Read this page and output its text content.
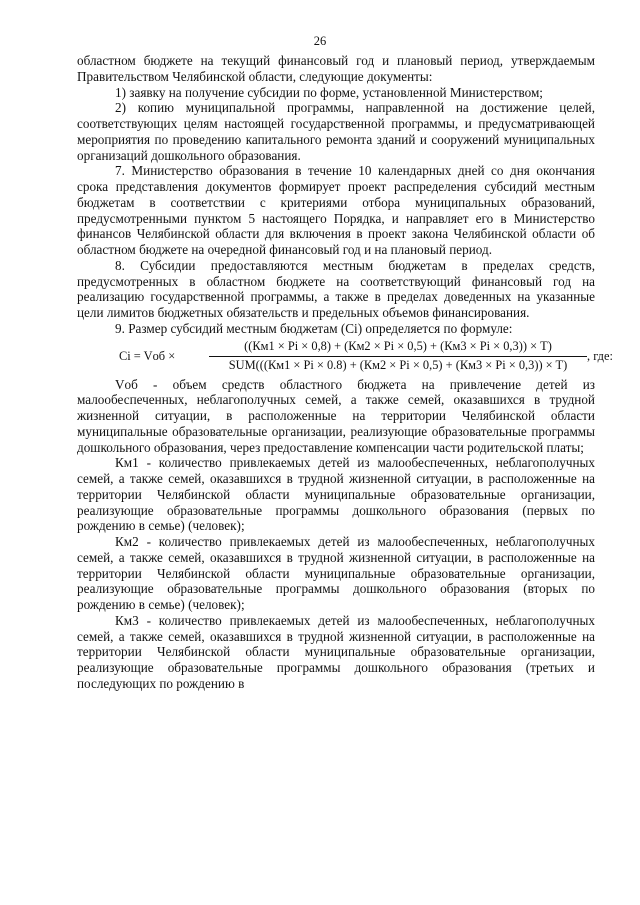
26

областном бюджете на текущий финансовый год и плановый период, утверждаемым Правительством Челябинской области, следующие документы:

1) заявку на получение субсидии по форме, установленной Министерством;

2) копию муниципальной программы, направленной на достижение целей, соответствующих целям настоящей государственной программы, и предусматривающей мероприятия по проведению капитального ремонта зданий и сооружений муниципальных организаций дошкольного образования.

7. Министерство образования в течение 10 календарных дней со дня окончания срока представления документов формирует проект распределения субсидий местным бюджетам в соответствии с критериями отбора муниципальных образований, предусмотренными пунктом 5 настоящего Порядка, и направляет его в Министерство финансов Челябинской области для включения в проект закона Челябинской области об областном бюджете на очередной финансовый год и на плановый период.

8. Субсидии предоставляются местным бюджетам в пределах средств, предусмотренных в областном бюджете на соответствующий финансовый год на реализацию государственной программы, а также в пределах доведенных на указанные цели лимитов бюджетных обязательств и предельных объемов финансирования.

9. Размер субсидий местным бюджетам (Ci) определяется по формуле:

Ci = Vоб ×
((Км1 × Pi × 0,8) + (Км2 × Pi × 0,5) + (Км3 × Pi × 0,3)) × T)
SUM(((Км1 × Pi × 0.8) + (Км2 × Pi × 0,5) + (Км3 × Pi × 0,3)) × T)
, где:

Vоб - объем средств областного бюджета на привлечение детей из малообеспеченных, неблагополучных семей, а также семей, оказавшихся в трудной жизненной ситуации, в расположенные на территории Челябинской области муниципальные образовательные организации, реализующие образовательные программы дошкольного образования, через предоставление компенсации части родительской платы;

Км1 - количество привлекаемых детей из малообеспеченных, неблагополучных семей, а также семей, оказавшихся в трудной жизненной ситуации, в расположенные на территории Челябинской области муниципальные образовательные организации, реализующие образовательные программы дошкольного образования (первых по рождению в семье) (человек);

Км2 - количество привлекаемых детей из малообеспеченных, неблагополучных семей, а также семей, оказавшихся в трудной жизненной ситуации, в расположенные на территории Челябинской области муниципальные образовательные организации, реализующие образовательные программы дошкольного образования (вторых по рождению в семье) (человек);

Км3 - количество привлекаемых детей из малообеспеченных, неблагополучных семей, а также семей, оказавшихся в трудной жизненной ситуации, в расположенные на территории Челябинской области муниципальные образовательные организации, реализующие образовательные программы дошкольного образования (третьих и последующих по рождению в
